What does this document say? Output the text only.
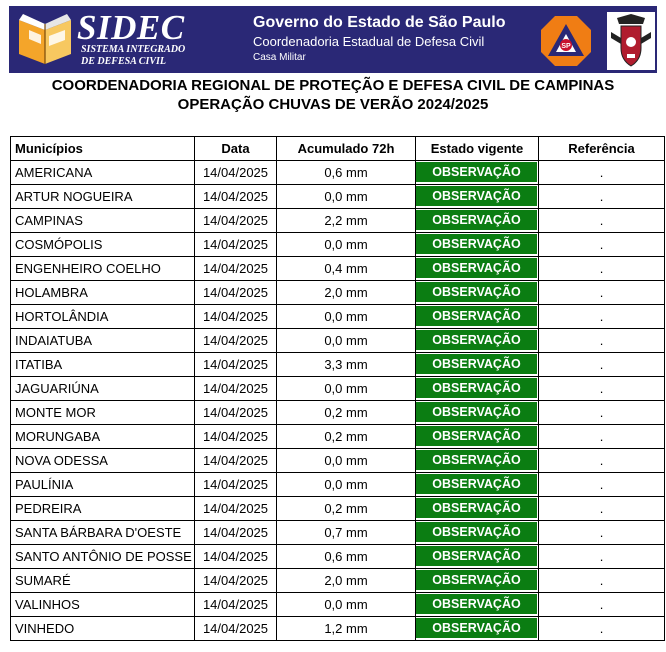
SIDEC
SISTEMA INTEGRADO
DE DEFESA CIVIL
Governo do Estado de São Paulo
Coordenadoria Estadual de Defesa Civil
Casa Militar
SP
COORDENADORIA REGIONAL DE PROTEÇÃO E DEFESA CIVIL DE CAMPINAS
OPERAÇÃO CHUVAS DE VERÃO 2024/2025
Municípios	Data	Acumulado 72h	Estado vigente	Referência
AMERICANA	14/04/2025	0,6 mm	OBSERVAÇÃO	.
ARTUR NOGUEIRA	14/04/2025	0,0 mm	OBSERVAÇÃO	.
CAMPINAS	14/04/2025	2,2 mm	OBSERVAÇÃO	.
COSMÓPOLIS	14/04/2025	0,0 mm	OBSERVAÇÃO	.
ENGENHEIRO COELHO	14/04/2025	0,4 mm	OBSERVAÇÃO	.
HOLAMBRA	14/04/2025	2,0 mm	OBSERVAÇÃO	.
HORTOLÂNDIA	14/04/2025	0,0 mm	OBSERVAÇÃO	.
INDAIATUBA	14/04/2025	0,0 mm	OBSERVAÇÃO	.
ITATIBA	14/04/2025	3,3 mm	OBSERVAÇÃO	.
JAGUARIÚNA	14/04/2025	0,0 mm	OBSERVAÇÃO	.
MONTE MOR	14/04/2025	0,2 mm	OBSERVAÇÃO	.
MORUNGABA	14/04/2025	0,2 mm	OBSERVAÇÃO	.
NOVA ODESSA	14/04/2025	0,0 mm	OBSERVAÇÃO	.
PAULÍNIA	14/04/2025	0,0 mm	OBSERVAÇÃO	.
PEDREIRA	14/04/2025	0,2 mm	OBSERVAÇÃO	.
SANTA BÁRBARA D'OESTE	14/04/2025	0,7 mm	OBSERVAÇÃO	.
SANTO ANTÔNIO DE POSSE	14/04/2025	0,6 mm	OBSERVAÇÃO	.
SUMARÉ	14/04/2025	2,0 mm	OBSERVAÇÃO	.
VALINHOS	14/04/2025	0,0 mm	OBSERVAÇÃO	.
VINHEDO	14/04/2025	1,2 mm	OBSERVAÇÃO	.
